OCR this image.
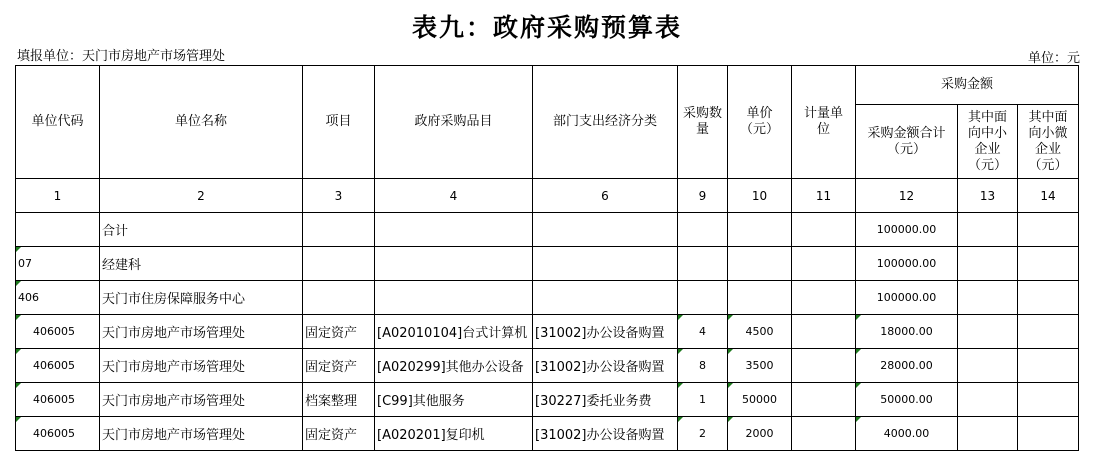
表九：政府采购预算表
填报单位：天门市房地产市场管理处	单位：元
单位代码	单位名称	项目	政府采购品目	部门支出经济分类	采购数量	单价（元）	计量单位	采购金额		
								采购金额合计（元）	其中面向中小企业（元）	其中面向小微企业（元）
1	2	3	4	6	9	10	11	12	13	14
	合计							100000.00		
07	经建科							100000.00		
406	天门市住房保障服务中心							100000.00		
406005	天门市房地产市场管理处	固定资产	[A02010104]台式计算机	[31002]办公设备购置	4	4500		18000.00		
406005	天门市房地产市场管理处	固定资产	[A020299]其他办公设备	[31002]办公设备购置	8	3500		28000.00		
406005	天门市房地产市场管理处	档案整理	[C99]其他服务	[30227]委托业务费	1	50000		50000.00		
406005	天门市房地产市场管理处	固定资产	[A020201]复印机	[31002]办公设备购置	2	2000		4000.00		
